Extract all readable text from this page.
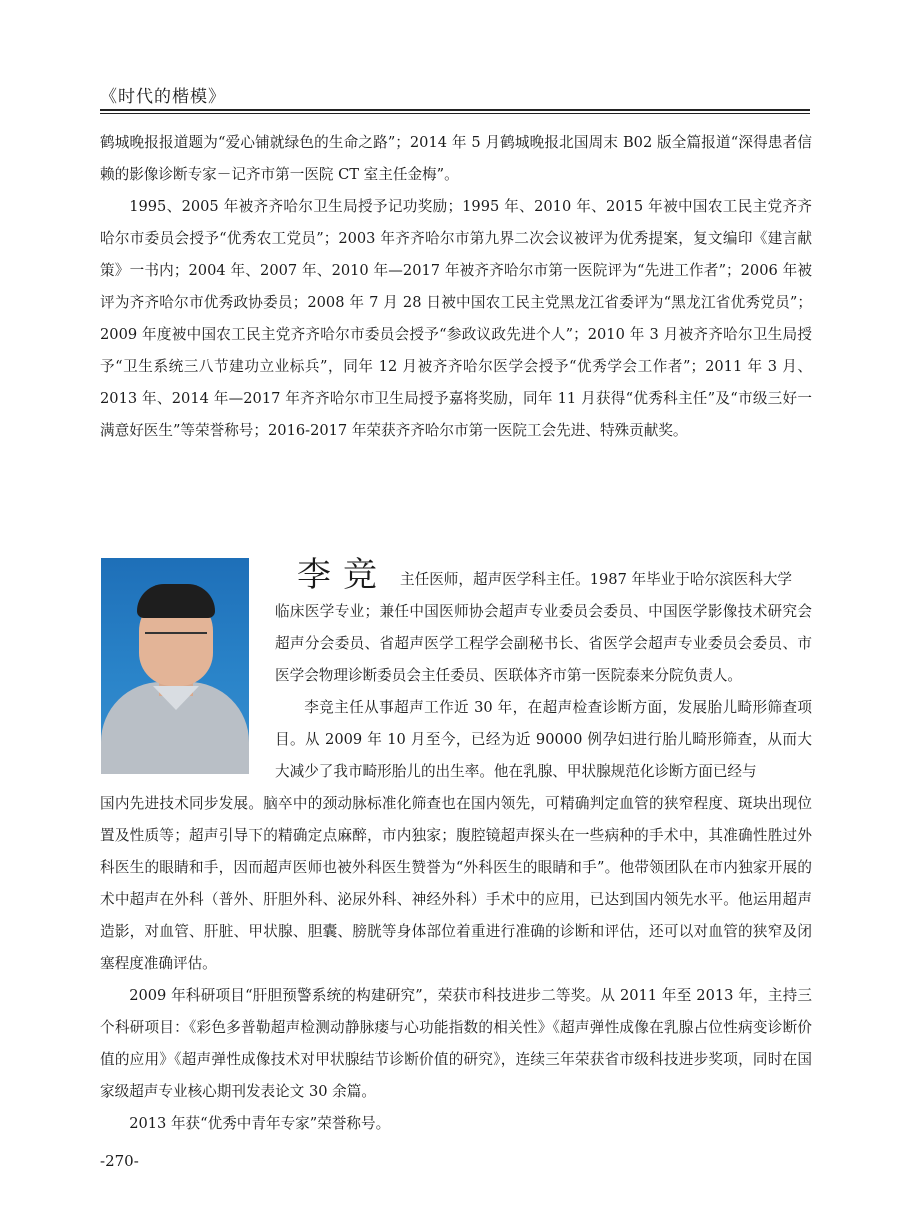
《时代的楷模》

鹤城晚报报道题为“爱心铺就绿色的生命之路”；2014 年 5 月鹤城晚报北国周末 B02 版全篇报道“深得患者信赖的影像诊断专家－记齐市第一医院 CT 室主任金梅”。

1995、2005 年被齐齐哈尔卫生局授予记功奖励；1995 年、2010 年、2015 年被中国农工民主党齐齐哈尔市委员会授予“优秀农工党员”；2003 年齐齐哈尔市第九界二次会议被评为优秀提案，复文编印《建言献策》一书内；2004 年、2007 年、2010 年—2017 年被齐齐哈尔市第一医院评为“先进工作者”；2006 年被评为齐齐哈尔市优秀政协委员；2008 年 7 月 28 日被中国农工民主党黑龙江省委评为“黑龙江省优秀党员”；2009 年度被中国农工民主党齐齐哈尔市委员会授予“参政议政先进个人”；2010 年 3 月被齐齐哈尔卫生局授予“卫生系统三八节建功立业标兵”，同年 12 月被齐齐哈尔医学会授予“优秀学会工作者”；2011 年 3 月、2013 年、2014 年—2017 年齐齐哈尔市卫生局授予嘉将奖励，同年 11 月获得“优秀科主任”及“市级三好一满意好医生”等荣誉称号；2016-2017 年荣获齐齐哈尔市第一医院工会先进、特殊贡献奖。

李竞 主任医师，超声医学科主任。1987 年毕业于哈尔滨医科大学

临床医学专业；兼任中国医师协会超声专业委员会委员、中国医学影像技术研究会超声分会委员、省超声医学工程学会副秘书长、省医学会超声专业委员会委员、市医学会物理诊断委员会主任委员、医联体齐市第一医院泰来分院负责人。

李竞主任从事超声工作近 30 年，在超声检查诊断方面，发展胎儿畸形筛查项目。从 2009 年 10 月至今，已经为近 90000 例孕妇进行胎儿畸形筛查，从而大大减少了我市畸形胎儿的出生率。他在乳腺、甲状腺规范化诊断方面已经与

国内先进技术同步发展。脑卒中的颈动脉标准化筛查也在国内领先，可精确判定血管的狭窄程度、斑块出现位置及性质等；超声引导下的精确定点麻醉，市内独家；腹腔镜超声探头在一些病种的手术中，其准确性胜过外科医生的眼睛和手，因而超声医师也被外科医生赞誉为“外科医生的眼睛和手”。他带领团队在市内独家开展的术中超声在外科（普外、肝胆外科、泌尿外科、神经外科）手术中的应用，已达到国内领先水平。他运用超声造影，对血管、肝脏、甲状腺、胆囊、膀胱等身体部位着重进行准确的诊断和评估，还可以对血管的狭窄及闭塞程度准确评估。

2009 年科研项目“肝胆预警系统的构建研究”，荣获市科技进步二等奖。从 2011 年至 2013 年，主持三个科研项目：《彩色多普勒超声检测动静脉瘘与心功能指数的相关性》《超声弹性成像在乳腺占位性病变诊断价值的应用》《超声弹性成像技术对甲状腺结节诊断价值的研究》，连续三年荣获省市级科技进步奖项，同时在国家级超声专业核心期刊发表论文 30 余篇。

2013 年获“优秀中青年专家”荣誉称号。

-270-
